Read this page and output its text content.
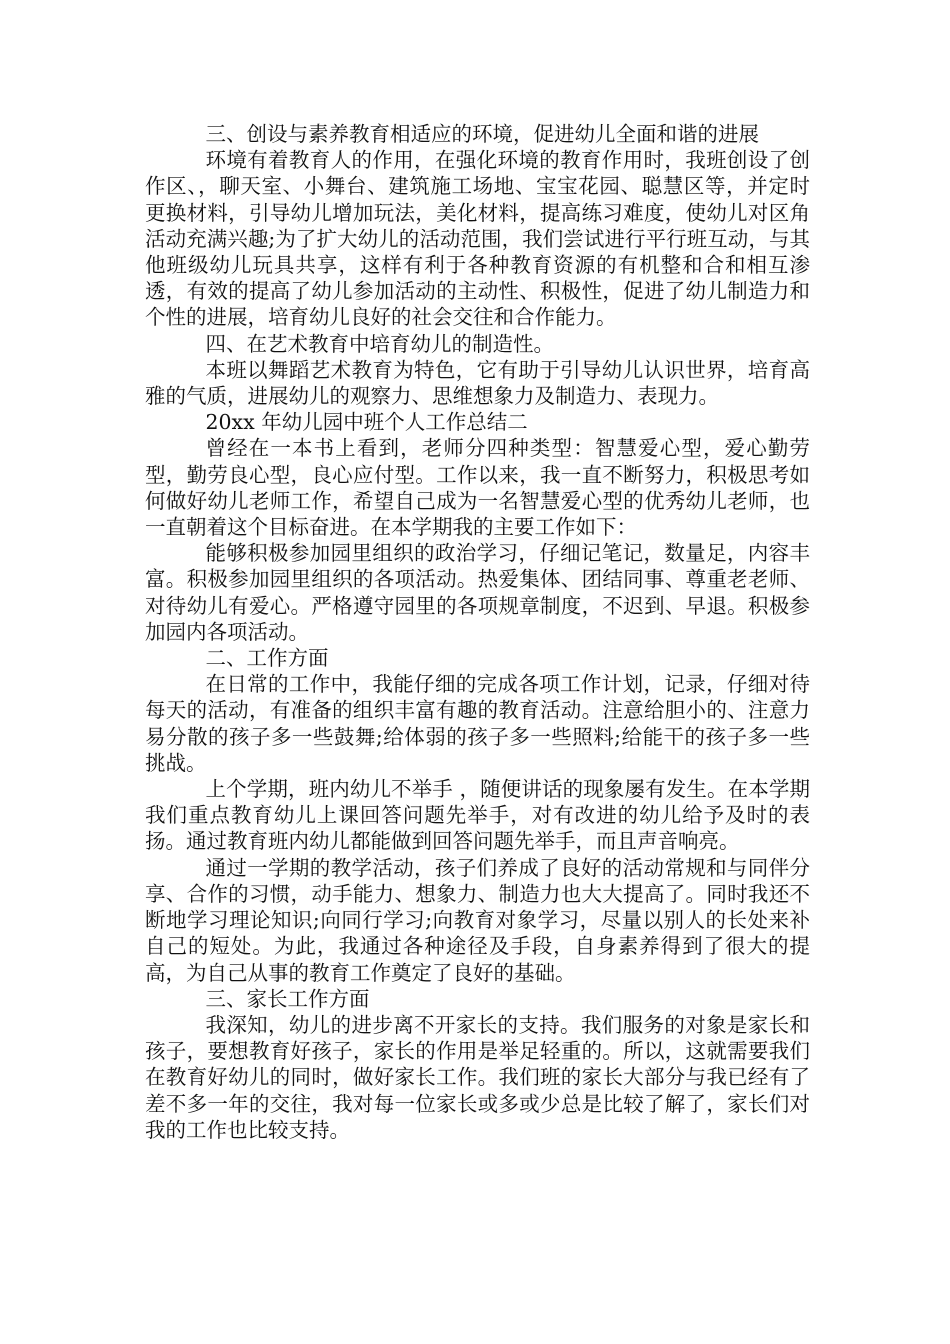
三、创设与素养教育相适应的环境，促进幼儿全面和谐的进展

环境有着教育人的作用，在强化环境的教育作用时，我班创设了创作区、，聊天室、小舞台、建筑施工场地、宝宝花园、聪慧区等，并定时更换材料，引导幼儿增加玩法，美化材料，提高练习难度，使幼儿对区角活动充满兴趣;为了扩大幼儿的活动范围，我们尝试进行平行班互动，与其他班级幼儿玩具共享，这样有利于各种教育资源的有机整和合和相互渗透，有效的提高了幼儿参加活动的主动性、积极性，促进了幼儿制造力和个性的进展，培育幼儿良好的社会交往和合作能力。

四、在艺术教育中培育幼儿的制造性。

本班以舞蹈艺术教育为特色，它有助于引导幼儿认识世界，培育高雅的气质，进展幼儿的观察力、思维想象力及制造力、表现力。

20xx 年幼儿园中班个人工作总结二

曾经在一本书上看到，老师分四种类型：智慧爱心型，爱心勤劳型，勤劳良心型，良心应付型。工作以来，我一直不断努力，积极思考如何做好幼儿老师工作，希望自己成为一名智慧爱心型的优秀幼儿老师，也一直朝着这个目标奋进。在本学期我的主要工作如下：

能够积极参加园里组织的政治学习，仔细记笔记，数量足，内容丰富。积极参加园里组织的各项活动。热爱集体、团结同事、尊重老老师、对待幼儿有爱心。严格遵守园里的各项规章制度，不迟到、早退。积极参加园内各项活动。

二、工作方面

在日常的工作中，我能仔细的完成各项工作计划，记录，仔细对待每天的活动，有准备的组织丰富有趣的教育活动。注意给胆小的、注意力易分散的孩子多一些鼓舞;给体弱的孩子多一些照料;给能干的孩子多一些挑战。

上个学期，班内幼儿不举手 ，随便讲话的现象屡有发生。在本学期我们重点教育幼儿上课回答问题先举手，对有改进的幼儿给予及时的表扬。通过教育班内幼儿都能做到回答问题先举手，而且声音响亮。

通过一学期的教学活动，孩子们养成了良好的活动常规和与同伴分享、合作的习惯，动手能力、想象力、制造力也大大提高了。同时我还不断地学习理论知识;向同行学习;向教育对象学习，尽量以别人的长处来补自己的短处。为此，我通过各种途径及手段，自身素养得到了很大的提高，为自己从事的教育工作奠定了良好的基础。

三、家长工作方面

我深知，幼儿的进步离不开家长的支持。我们服务的对象是家长和孩子，要想教育好孩子，家长的作用是举足轻重的。所以，这就需要我们在教育好幼儿的同时，做好家长工作。我们班的家长大部分与我已经有了差不多一年的交往，我对每一位家长或多或少总是比较了解了，家长们对我的工作也比较支持。
